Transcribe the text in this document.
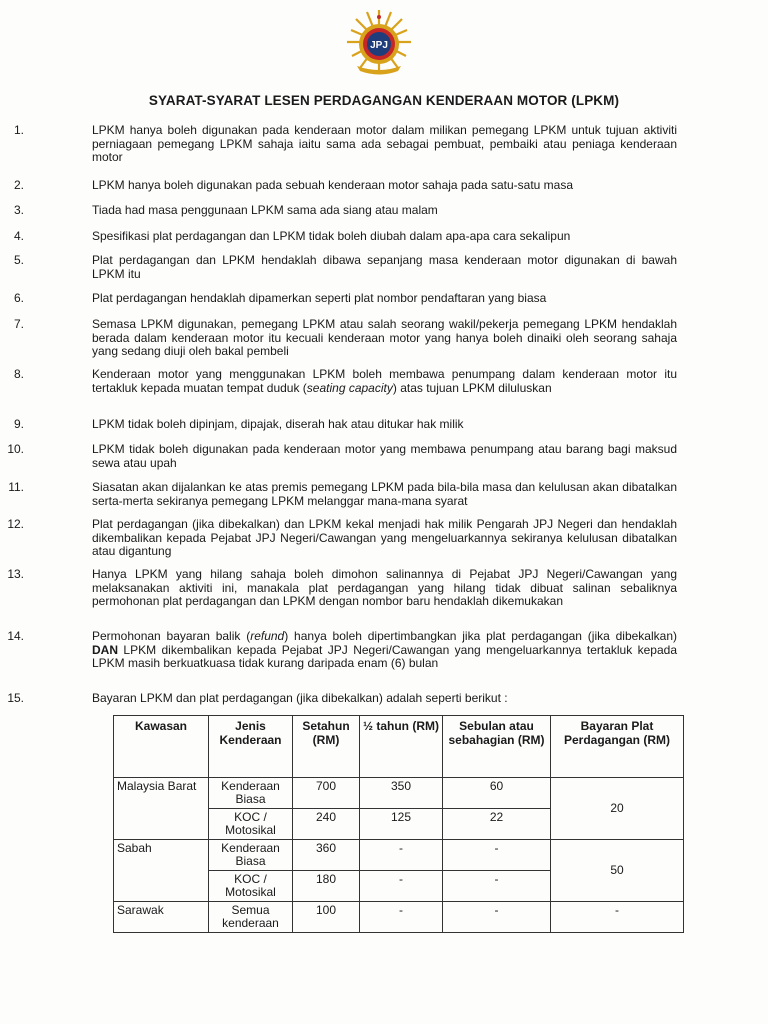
JPJ
SYARAT-SYARAT LESEN PERDAGANGAN KENDERAAN MOTOR (LPKM)
1.	LPKM hanya boleh digunakan pada kenderaan motor dalam milikan pemegang LPKM untuk tujuan aktiviti perniagaan pemegang LPKM sahaja iaitu sama ada sebagai pembuat, pembaiki atau peniaga kenderaan motor
2.	LPKM hanya boleh digunakan pada sebuah kenderaan motor sahaja pada satu-satu masa
3.	Tiada had masa penggunaan LPKM sama ada siang atau malam
4.	Spesifikasi plat perdagangan dan LPKM tidak boleh diubah dalam apa-apa cara sekalipun
5.	Plat perdagangan dan LPKM hendaklah dibawa sepanjang masa kenderaan motor digunakan di bawah LPKM itu
6.	Plat perdagangan hendaklah dipamerkan seperti plat nombor pendaftaran yang biasa
7.	Semasa LPKM digunakan, pemegang LPKM atau salah seorang wakil/pekerja pemegang LPKM hendaklah berada dalam kenderaan motor itu kecuali kenderaan motor yang hanya boleh dinaiki oleh seorang sahaja yang sedang diuji oleh bakal pembeli
8.	Kenderaan motor yang menggunakan LPKM boleh membawa penumpang dalam kenderaan motor itu tertakluk kepada muatan tempat duduk (seating capacity) atas tujuan LPKM diluluskan
9.	LPKM tidak boleh dipinjam, dipajak, diserah hak atau ditukar hak milik
10.	LPKM tidak boleh digunakan pada kenderaan motor yang membawa penumpang atau barang bagi maksud sewa atau upah
11.	Siasatan akan dijalankan ke atas premis pemegang LPKM pada bila-bila masa dan kelulusan akan dibatalkan serta-merta sekiranya pemegang LPKM melanggar mana-mana syarat
12.	Plat perdagangan (jika dibekalkan) dan LPKM kekal menjadi hak milik Pengarah JPJ Negeri dan hendaklah dikembalikan kepada Pejabat JPJ Negeri/Cawangan yang mengeluarkannya sekiranya kelulusan dibatalkan atau digantung
13.	Hanya LPKM yang hilang sahaja boleh dimohon salinannya di Pejabat JPJ Negeri/Cawangan yang melaksanakan aktiviti ini, manakala plat perdagangan yang hilang tidak dibuat salinan sebaliknya permohonan plat perdagangan dan LPKM dengan nombor baru hendaklah dikemukakan
14.	Permohonan bayaran balik (refund) hanya boleh dipertimbangkan jika plat perdagangan (jika dibekalkan) DAN LPKM dikembalikan kepada Pejabat JPJ Negeri/Cawangan yang mengeluarkannya tertakluk kepada LPKM masih berkuatkuasa tidak kurang daripada enam (6) bulan
15.	Bayaran LPKM dan plat perdagangan (jika dibekalkan) adalah seperti berikut :
Kawasan	Jenis Kenderaan	Setahun (RM)	½ tahun (RM)	Sebulan atau sebahagian (RM)	Bayaran Plat Perdagangan (RM)
Malaysia Barat	Kenderaan Biasa	700	350	60	20
	KOC / Motosikal	240	125	22	
Sabah	Kenderaan Biasa	360	-	-	50
	KOC / Motosikal	180	-	-	
Sarawak	Semua kenderaan	100	-	-	-
